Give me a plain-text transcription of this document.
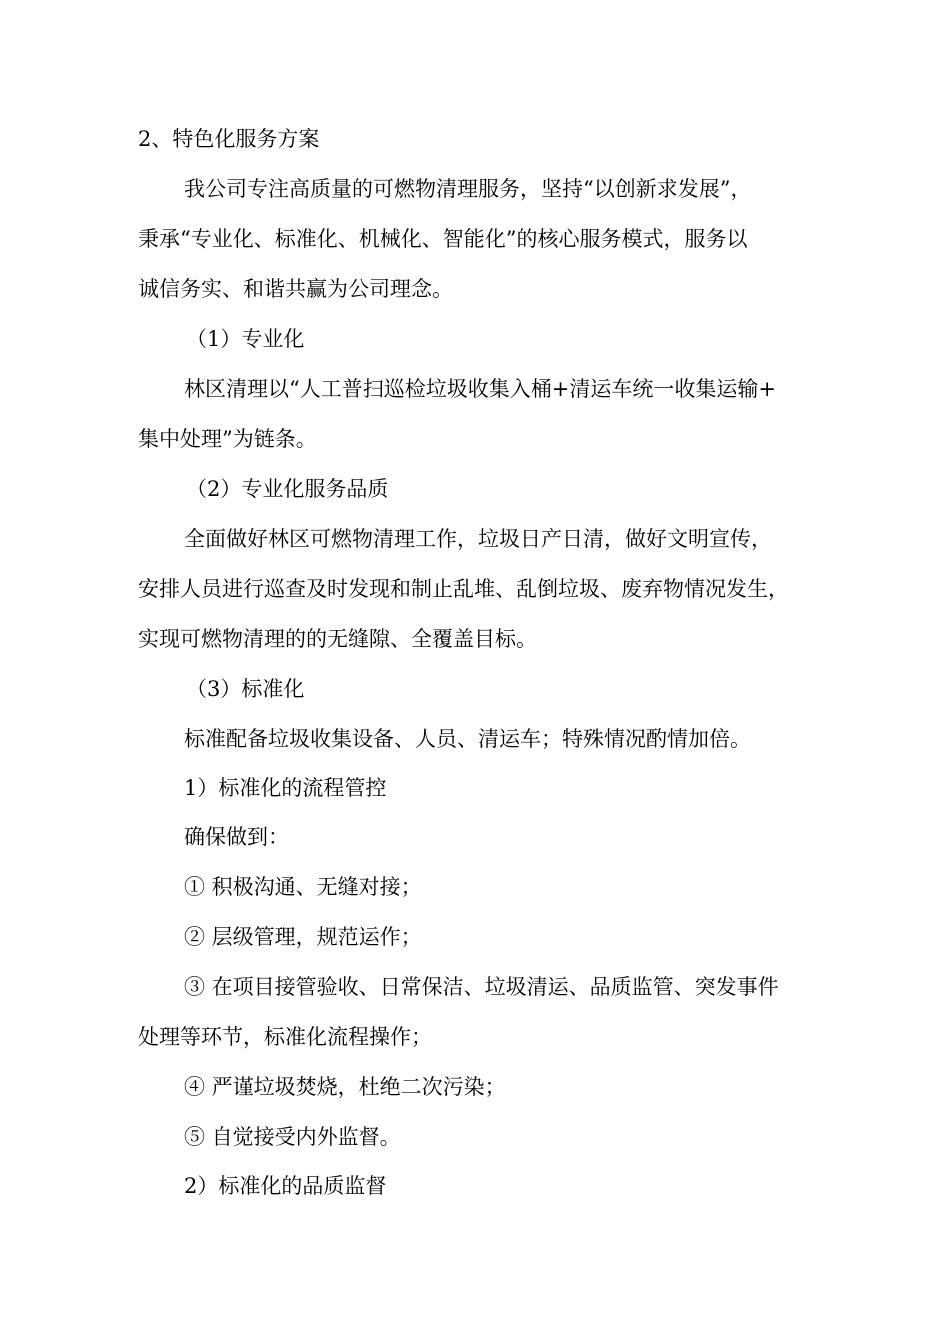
2、特色化服务方案

我公司专注高质量的可燃物清理服务，坚持“以创新求发展”，

秉承“专业化、标准化、机械化、智能化”的核心服务模式，服务以

诚信务实、和谐共赢为公司理念。

（1）专业化

林区清理以“人工普扫巡检垃圾收集入桶+清运车统一收集运输+

集中处理”为链条。

（2）专业化服务品质

全面做好林区可燃物清理工作，垃圾日产日清，做好文明宣传，

安排人员进行巡查及时发现和制止乱堆、乱倒垃圾、废弃物情况发生，

实现可燃物清理的的无缝隙、全覆盖目标。

（3）标准化

标准配备垃圾收集设备、人员、清运车；特殊情况酌情加倍。

1）标准化的流程管控

确保做到：

① 积极沟通、无缝对接；

② 层级管理，规范运作；

③ 在项目接管验收、日常保洁、垃圾清运、品质监管、突发事件

处理等环节，标准化流程操作；

④ 严谨垃圾焚烧，杜绝二次污染；

⑤ 自觉接受内外监督。

2）标准化的品质监督
